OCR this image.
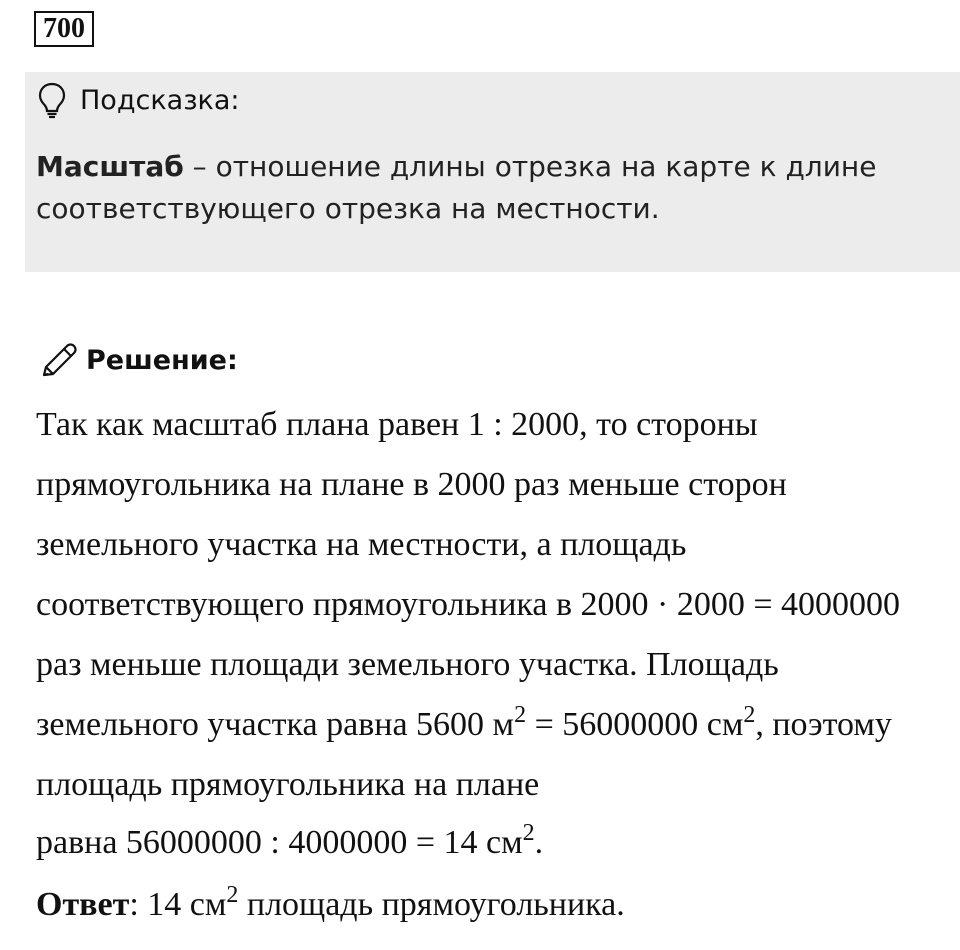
700
Подсказка:
Масштаб – отношение длины отрезка на карте к длине
соответствующего отрезка на местности.
Решение:
Так как масштаб плана равен 1 : 2000, то стороны
прямоугольника на плане в 2000 раз меньше сторон
земельного участка на местности, а площадь
соответствующего прямоугольника в 2000 · 2000 = 4000000
раз меньше площади земельного участка. Площадь
земельного участка равна 5600 $м^2 = 56000000$ $см^2$, поэтому
площадь прямоугольника на плане
равна 56000000 : 4000000 = 14 $см^2$.
Ответ: 14 $см^2$ площадь прямоугольника.
